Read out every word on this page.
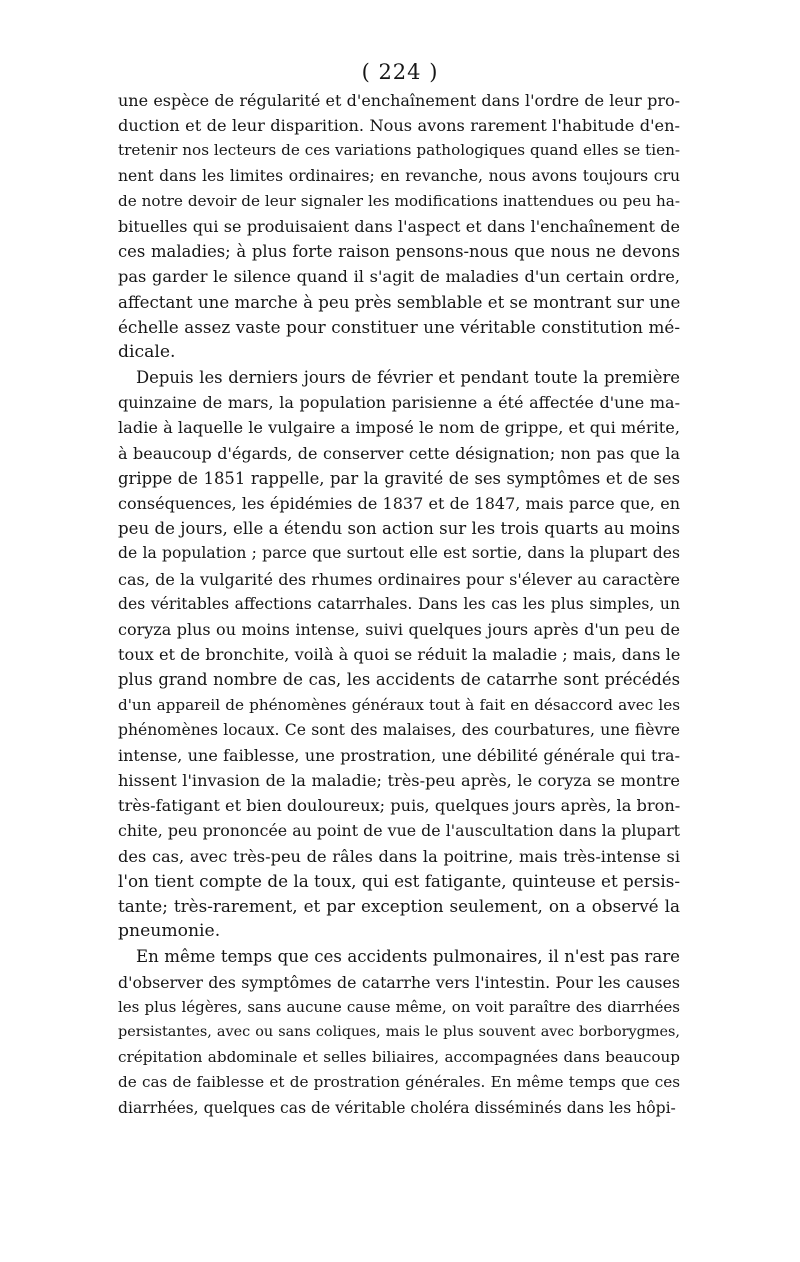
( 224 )
une espèce de régularité et d'enchaînement dans l'ordre de leur pro-
duction et de leur disparition. Nous avons rarement l'habitude d'en-
tretenir nos lecteurs de ces variations pathologiques quand elles se tien-
nent dans les limites ordinaires; en revanche, nous avons toujours cru
de notre devoir de leur signaler les modifications inattendues ou peu ha-
bituelles qui se produisaient dans l'aspect et dans l'enchaînement de
ces maladies; à plus forte raison pensons-nous que nous ne devons
pas garder le silence quand il s'agit de maladies d'un certain ordre,
affectant une marche à peu près semblable et se montrant sur une
échelle assez vaste pour constituer une véritable constitution mé-
dicale.
Depuis les derniers jours de février et pendant toute la première
quinzaine de mars, la population parisienne a été affectée d'une ma-
ladie à laquelle le vulgaire a imposé le nom de grippe, et qui mérite,
à beaucoup d'égards, de conserver cette désignation; non pas que la
grippe de 1851 rappelle, par la gravité de ses symptômes et de ses
conséquences, les épidémies de 1837 et de 1847, mais parce que, en
peu de jours, elle a étendu son action sur les trois quarts au moins
de la population ; parce que surtout elle est sortie, dans la plupart des
cas, de la vulgarité des rhumes ordinaires pour s'élever au caractère
des véritables affections catarrhales. Dans les cas les plus simples, un
coryza plus ou moins intense, suivi quelques jours après d'un peu de
toux et de bronchite, voilà à quoi se réduit la maladie ; mais, dans le
plus grand nombre de cas, les accidents de catarrhe sont précédés
d'un appareil de phénomènes généraux tout à fait en désaccord avec les
phénomènes locaux. Ce sont des malaises, des courbatures, une fièvre
intense, une faiblesse, une prostration, une débilité générale qui tra-
hissent l'invasion de la maladie; très-peu après, le coryza se montre
très-fatigant et bien douloureux; puis, quelques jours après, la bron-
chite, peu prononcée au point de vue de l'auscultation dans la plupart
des cas, avec très-peu de râles dans la poitrine, mais très-intense si
l'on tient compte de la toux, qui est fatigante, quinteuse et persis-
tante; très-rarement, et par exception seulement, on a observé la
pneumonie.
En même temps que ces accidents pulmonaires, il n'est pas rare
d'observer des symptômes de catarrhe vers l'intestin. Pour les causes
les plus légères, sans aucune cause même, on voit paraître des diarrhées
persistantes, avec ou sans coliques, mais le plus souvent avec borborygmes,
crépitation abdominale et selles biliaires, accompagnées dans beaucoup
de cas de faiblesse et de prostration générales. En même temps que ces
diarrhées, quelques cas de véritable choléra disséminés dans les hôpi-
